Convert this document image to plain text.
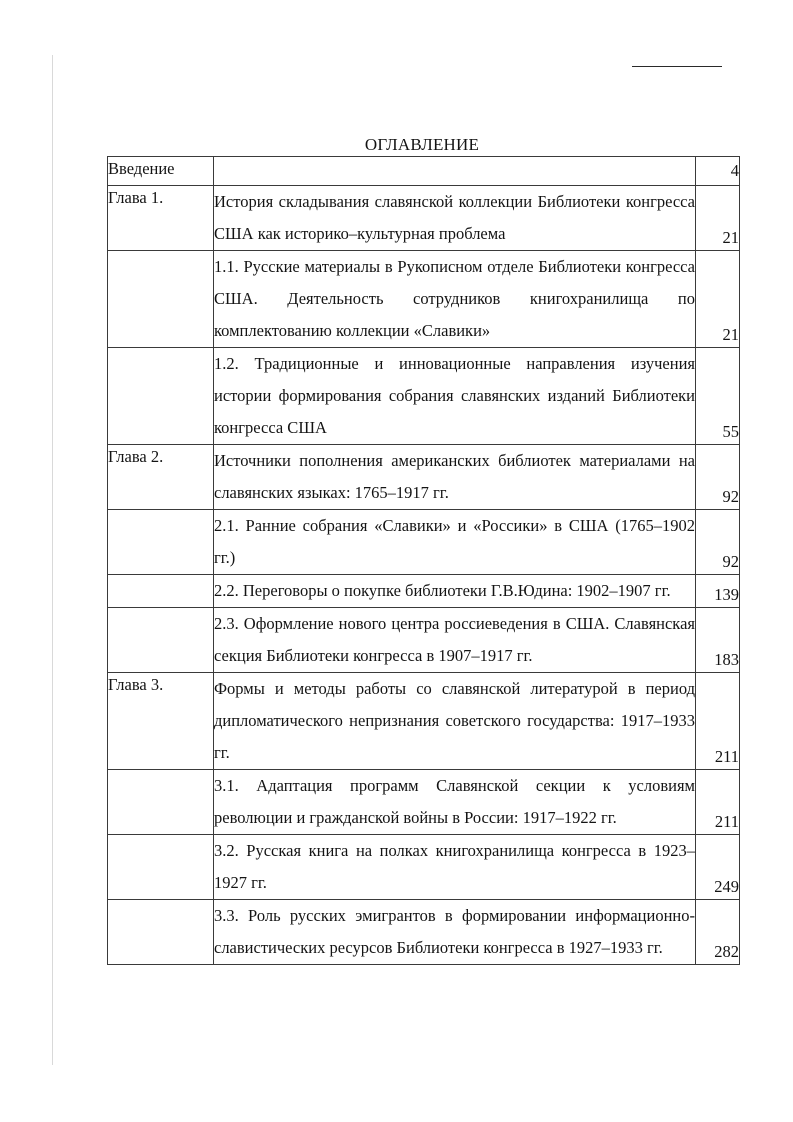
ОГЛАВЛЕНИЕ
Введение		4
Глава 1.	История складывания славянской коллекции Библиотеки конгресса США как историко–культурная проблема	21
	1.1. Русские материалы в Рукописном отделе Библиотеки конгресса США. Деятельность сотрудников книгохранилища по комплектованию коллекции «Славики»	21
	1.2. Традиционные и инновационные направления изучения истории формирования собрания славянских изданий Библиотеки конгресса США	55
Глава 2.	Источники пополнения американских библиотек материалами на славянских языках: 1765–1917 гг.	92
	2.1. Ранние собрания «Славики» и «Россики» в США (1765–1902 гг.)	92
	2.2. Переговоры о покупке библиотеки Г.В.Юдина: 1902–1907 гг.	139
	2.3. Оформление нового центра россиеведения в США. Славянская секция Библиотеки конгресса в 1907–1917 гг.	183
Глава 3.	Формы и методы работы со славянской литературой в период дипломатического непризнания советского государства: 1917–1933 гг.	211
	3.1. Адаптация программ Славянской секции к условиям революции и гражданской войны в России: 1917–1922 гг.	211
	3.2. Русская книга на полках книгохранилища конгресса в 1923–1927 гг.	249
	3.3. Роль русских эмигрантов в формировании информационно-славистических ресурсов Библиотеки конгресса в 1927–1933 гг.	282
